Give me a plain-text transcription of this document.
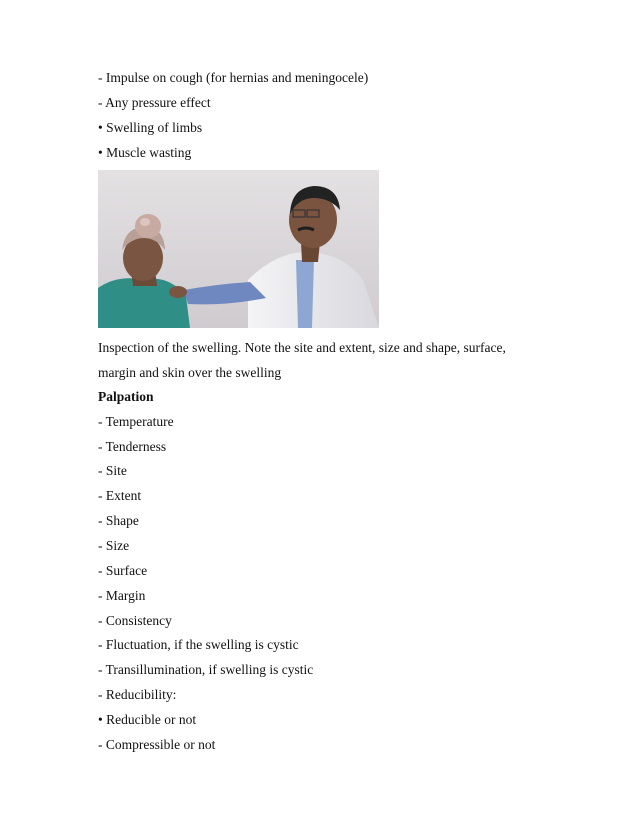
- Impulse on cough (for hernias and meningocele)
- Any pressure effect
• Swelling of limbs
• Muscle wasting
Inspection of the swelling. Note the site and extent, size and shape, surface,
margin and skin over the swelling
Palpation
- Temperature
- Tenderness
- Site
- Extent
- Shape
- Size
- Surface
- Margin
- Consistency
- Fluctuation, if the swelling is cystic
- Transillumination, if swelling is cystic
- Reducibility:
• Reducible or not
- Compressible or not
